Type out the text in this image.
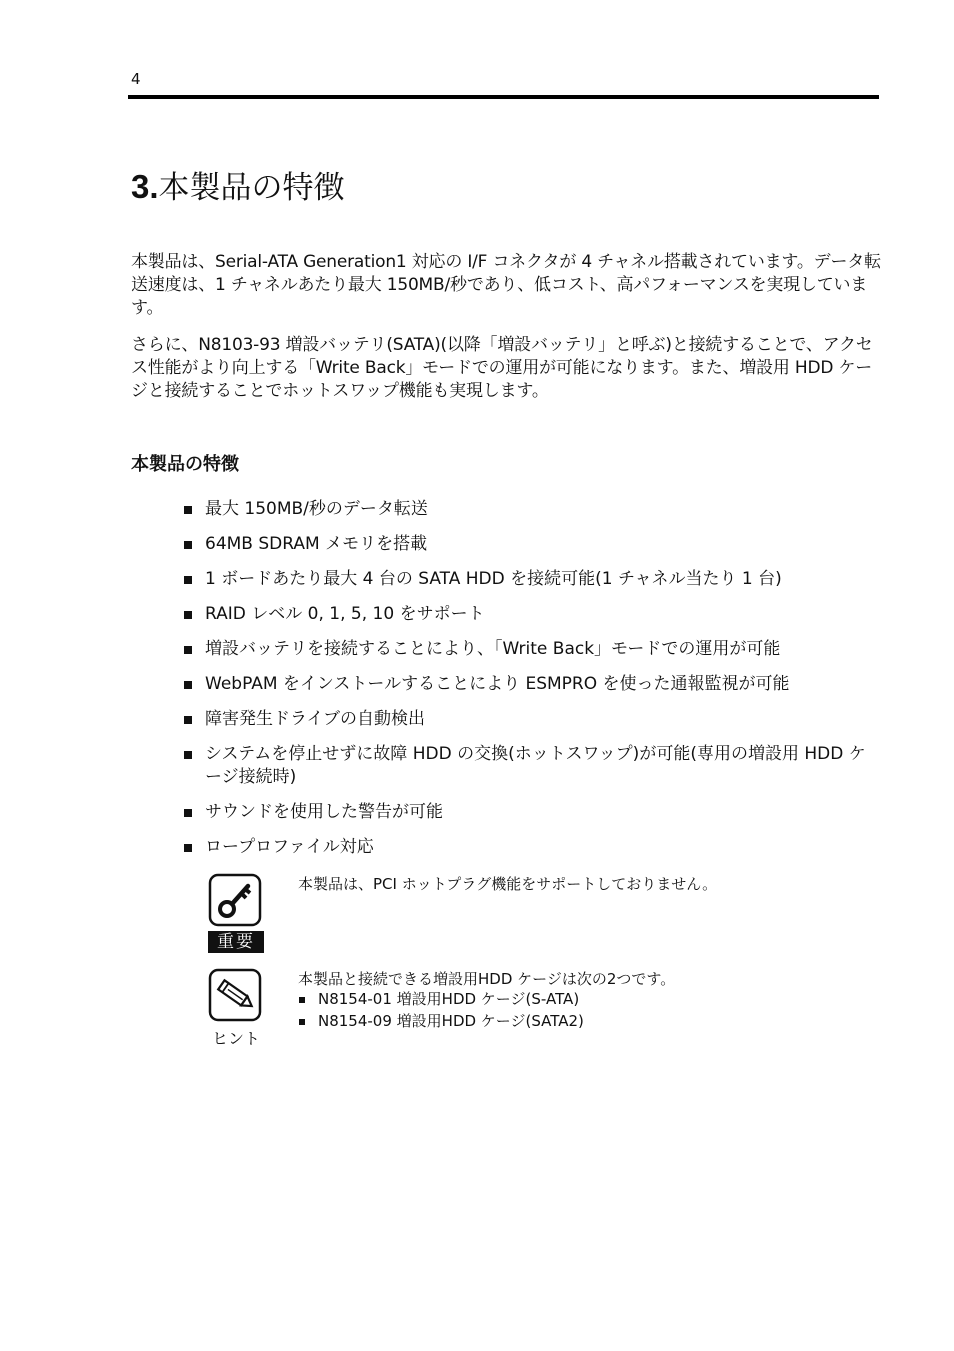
4
3.本製品の特徴

本製品は、Serial-ATA Generation1 対応の I/F コネクタが 4 チャネル搭載されています。データ転送速度は、1 チャネルあたり最大 150MB/秒であり、低コスト、高パフォーマンスを実現しています。

さらに、N8103-93 増設バッテリ(SATA)(以降「増設バッテリ」と呼ぶ)と接続することで、アクセス性能がより向上する「Write Back」モードでの運用が可能になります。また、増設用 HDD ケージと接続することでホットスワップ機能も実現します。

本製品の特徴
最大 150MB/秒のデータ転送
64MB SDRAM メモリを搭載
1 ボードあたり最大 4 台の SATA HDD を接続可能(1 チャネル当たり 1 台)
RAID レベル 0, 1, 5, 10 をサポート
増設バッテリを接続することにより、「Write Back」モードでの運用が可能
WebPAM をインストールすることにより ESMPRO を使った通報監視が可能
障害発生ドライブの自動検出
システムを停止せずに故障 HDD の交換(ホットスワップ)が可能(専用の増設用 HDD ケージ接続時)
サウンドを使用した警告が可能
ロープロファイル対応
重要
本製品は、PCI ホットプラグ機能をサポートしておりません。
ヒント
本製品と接続できる増設用HDD ケージは次の2つです。
N8154-01 増設用HDD ケージ(S-ATA)
N8154-09 増設用HDD ケージ(SATA2)
